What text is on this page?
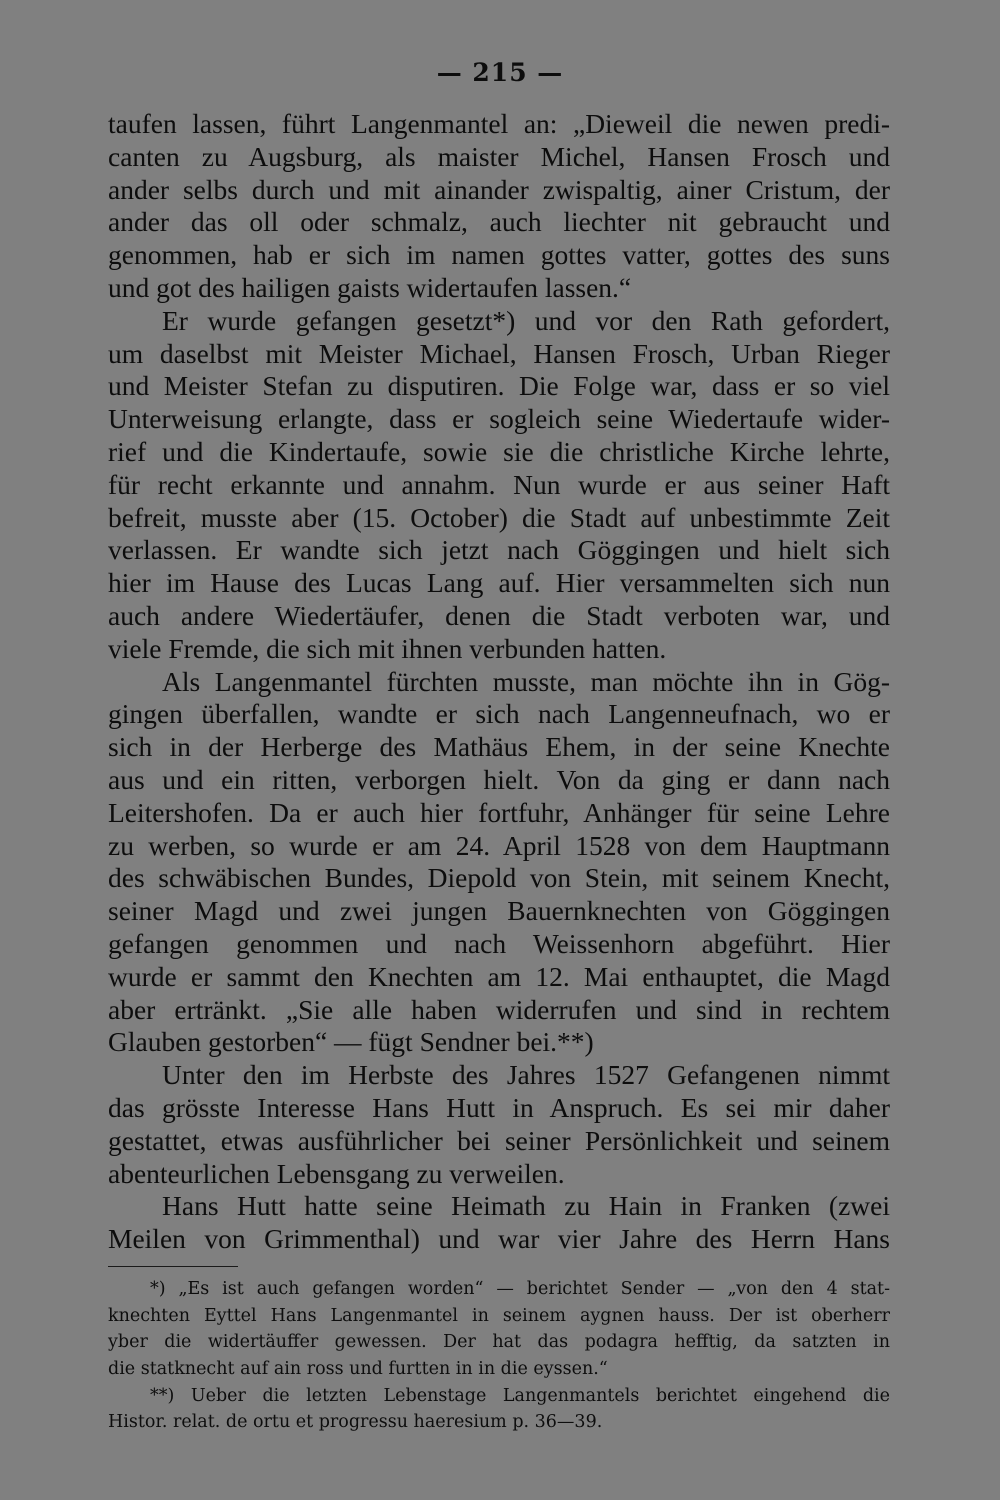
— 215 —
taufen lassen, führt Langenmantel an: „Dieweil die newen predi-
canten zu Augsburg, als maister Michel, Hansen Frosch und
ander selbs durch und mit ainander zwispaltig, ainer Cristum, der
ander das oll oder schmalz, auch liechter nit gebraucht und
genommen, hab er sich im namen gottes vatter, gottes des suns
und got des hailigen gaists widertaufen lassen.“
Er wurde gefangen gesetzt*) und vor den Rath gefordert,
um daselbst mit Meister Michael, Hansen Frosch, Urban Rieger
und Meister Stefan zu disputiren. Die Folge war, dass er so viel
Unterweisung erlangte, dass er sogleich seine Wiedertaufe wider-
rief und die Kindertaufe, sowie sie die christliche Kirche lehrte,
für recht erkannte und annahm. Nun wurde er aus seiner Haft
befreit, musste aber (15. October) die Stadt auf unbestimmte Zeit
verlassen. Er wandte sich jetzt nach Göggingen und hielt sich
hier im Hause des Lucas Lang auf. Hier versammelten sich nun
auch andere Wiedertäufer, denen die Stadt verboten war, und
viele Fremde, die sich mit ihnen verbunden hatten.
Als Langenmantel fürchten musste, man möchte ihn in Gög-
gingen überfallen, wandte er sich nach Langenneufnach, wo er
sich in der Herberge des Mathäus Ehem, in der seine Knechte
aus und ein ritten, verborgen hielt. Von da ging er dann nach
Leitershofen. Da er auch hier fortfuhr, Anhänger für seine Lehre
zu werben, so wurde er am 24. April 1528 von dem Hauptmann
des schwäbischen Bundes, Diepold von Stein, mit seinem Knecht,
seiner Magd und zwei jungen Bauernknechten von Göggingen
gefangen genommen und nach Weissenhorn abgeführt. Hier
wurde er sammt den Knechten am 12. Mai enthauptet, die Magd
aber ertränkt. „Sie alle haben widerrufen und sind in rechtem
Glauben gestorben“ — fügt Sendner bei.**)
Unter den im Herbste des Jahres 1527 Gefangenen nimmt
das grösste Interesse Hans Hutt in Anspruch. Es sei mir daher
gestattet, etwas ausführlicher bei seiner Persönlichkeit und seinem
abenteurlichen Lebensgang zu verweilen.
Hans Hutt hatte seine Heimath zu Hain in Franken (zwei
Meilen von Grimmenthal) und war vier Jahre des Herrn Hans
*) „Es ist auch gefangen worden“ — berichtet Sender — „von den 4 stat-
knechten Eyttel Hans Langenmantel in seinem aygnen hauss. Der ist oberherr
yber die widertäuffer gewessen. Der hat das podagra hefftig, da satzten in
die statknecht auf ain ross und furtten in in die eyssen.“
**) Ueber die letzten Lebenstage Langenmantels berichtet eingehend die
Histor. relat. de ortu et progressu haeresium p. 36—39.
